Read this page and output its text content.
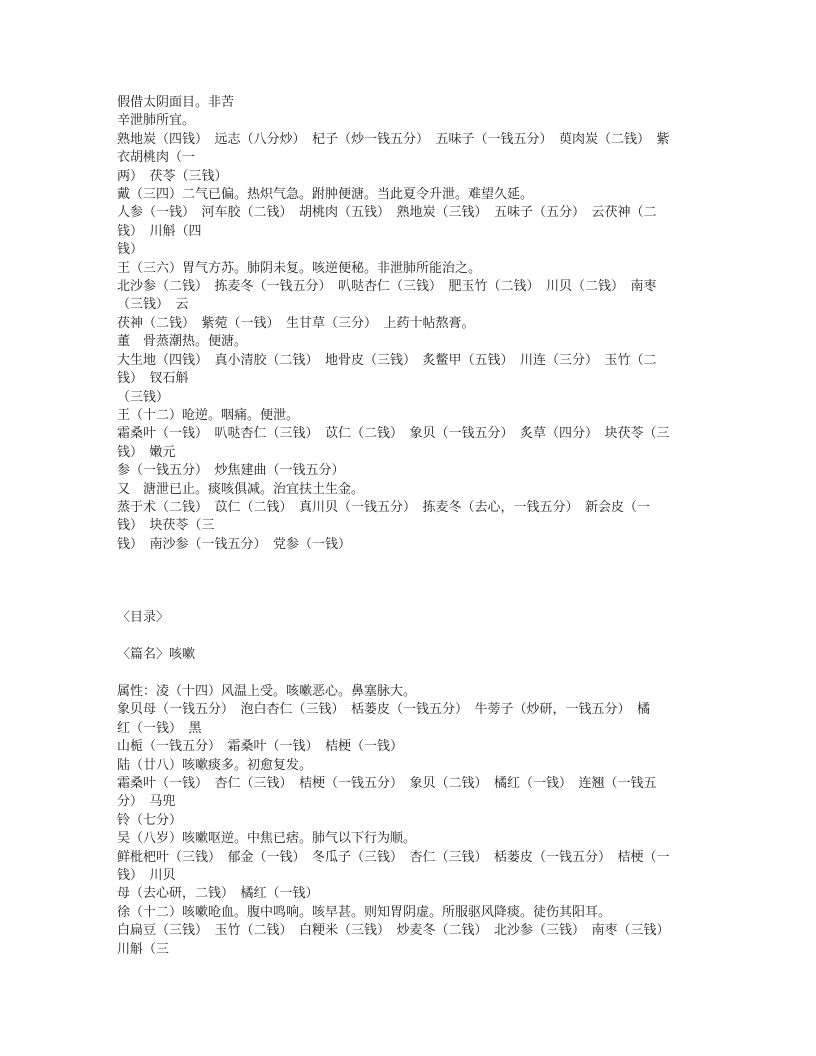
假借太阴面目。非苦
辛泄肺所宜。
熟地炭（四钱）　远志（八分炒）　杞子（炒一钱五分）　五味子（一钱五分）　萸肉炭（二钱）　紫
衣胡桃肉（一
两）　茯苓（三钱）
戴（三四）二气已偏。热炽气急。跗肿便溏。当此夏令升泄。难望久延。
人参（一钱）　河车胶（二钱）　胡桃肉（五钱）　熟地炭（三钱）　五味子（五分）　云茯神（二
钱）　川斛（四
钱）
王（三六）胃气方苏。肺阴未复。咳逆便秘。非泄肺所能治之。
北沙参（二钱）　拣麦冬（一钱五分）　叭哒杏仁（三钱）　肥玉竹（二钱）　川贝（二钱）　南枣
（三钱）　云
茯神（二钱）　紫菀（一钱）　生甘草（三分）　上药十帖熬膏。
董　骨蒸潮热。便溏。
大生地（四钱）　真小清胶（二钱）　地骨皮（三钱）　炙鳖甲（五钱）　川连（三分）　玉竹（二
钱）　钗石斛
（三钱）
王（十二）呛逆。咽痛。便泄。
霜桑叶（一钱）　叭哒杏仁（三钱）　苡仁（二钱）　象贝（一钱五分）　炙草（四分）　块茯苓（三
钱）　嫩元
参（一钱五分）　炒焦建曲（一钱五分）
又　溏泄已止。痰咳俱减。治宜扶土生金。
蒸于术（二钱）　苡仁（二钱）　真川贝（一钱五分）　拣麦冬（去心，一钱五分）　新会皮（一
钱）　块茯苓（三
钱）　南沙参（一钱五分）　党参（一钱）

〈目录〉

〈篇名〉咳嗽

属性：凌（十四）风温上受。咳嗽恶心。鼻塞脉大。
象贝母（一钱五分）　泡白杏仁（三钱）　栝蒌皮（一钱五分）　牛蒡子（炒研，一钱五分）　橘
红（一钱）　黑
山栀（一钱五分）　霜桑叶（一钱）　桔梗（一钱）
陆（廿八）咳嗽痰多。初愈复发。
霜桑叶（一钱）　杏仁（三钱）　桔梗（一钱五分）　象贝（二钱）　橘红（一钱）　连翘（一钱五
分）　马兜
铃（七分）
吴（八岁）咳嗽呕逆。中焦已痞。肺气以下行为顺。
鲜枇杷叶（三钱）　郁金（一钱）　冬瓜子（三钱）　杏仁（三钱）　栝蒌皮（一钱五分）　桔梗（一
钱）　川贝
母（去心研，二钱）　橘红（一钱）
徐（十二）咳嗽呛血。腹中鸣响。咳早甚。则知胃阴虚。所服驱风降痰。徒伤其阳耳。
白扁豆（三钱）　玉竹（二钱）　白粳米（三钱）　炒麦冬（二钱）　北沙参（三钱）　南枣（三钱）
川斛（三
